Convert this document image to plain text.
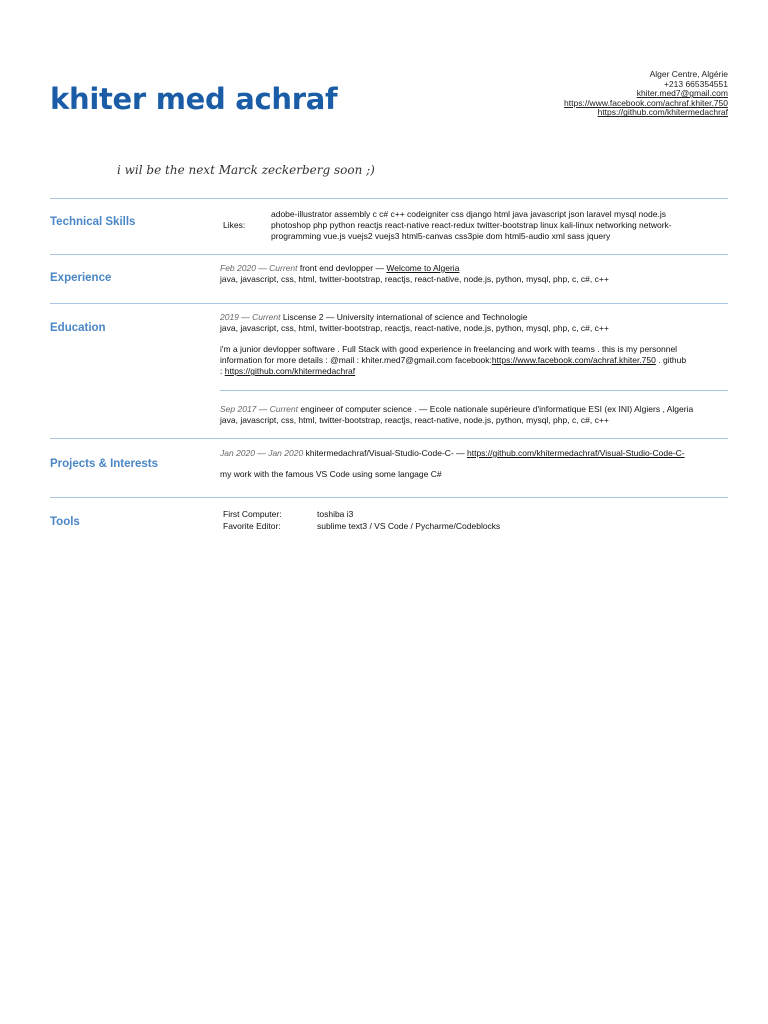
khiter med achraf
Alger Centre, Algérie
+213 665354551
khiter.med7@gmail.com
https://www.facebook.com/achraf.khiter.750
https://github.com/khitermedachraf
i wil be the next Marck zeckerberg soon ;)
Technical Skills	Likes:
adobe-illustrator assembly c c# c++ codeigniter css django html java javascript json laravel mysql node.js
photoshop php python reactjs react-native react-redux twitter-bootstrap linux kali-linux networking network-
programming vue.js vuejs2 vuejs3 html5-canvas css3pie dom html5-audio xml sass jquery
Experience
Feb 2020 — Current front end devlopper — Welcome to Algeria
java, javascript, css, html, twitter-bootstrap, reactjs, react-native, node.js, python, mysql, php, c, c#, c++
Education
2019 — Current Liscense 2 — University international of science and Technologie
java, javascript, css, html, twitter-bootstrap, reactjs, react-native, node.js, python, mysql, php, c, c#, c++
i'm a junior devlopper software . Full Stack with good experience in freelancing and work with teams . this is my personnel
information for more details : @mail : khiter.med7@gmail.com facebook:https://www.facebook.com/achraf.khiter.750 . github
: https://github.com/khitermedachraf
Sep 2017 — Current engineer of computer science . — Ecole nationale supérieure d'informatique ESI (ex INI) Algiers , Algeria
java, javascript, css, html, twitter-bootstrap, reactjs, react-native, node.js, python, mysql, php, c, c#, c++
Projects & Interests
Jan 2020 — Jan 2020 khitermedachraf/Visual-Studio-Code-C- — https://github.com/khitermedachraf/Visual-Studio-Code-C-
my work with the famous VS Code using some langage C#
Tools
First Computer:	toshiba i3
Favorite Editor:	sublime text3 / VS Code / Pycharme/Codeblocks
